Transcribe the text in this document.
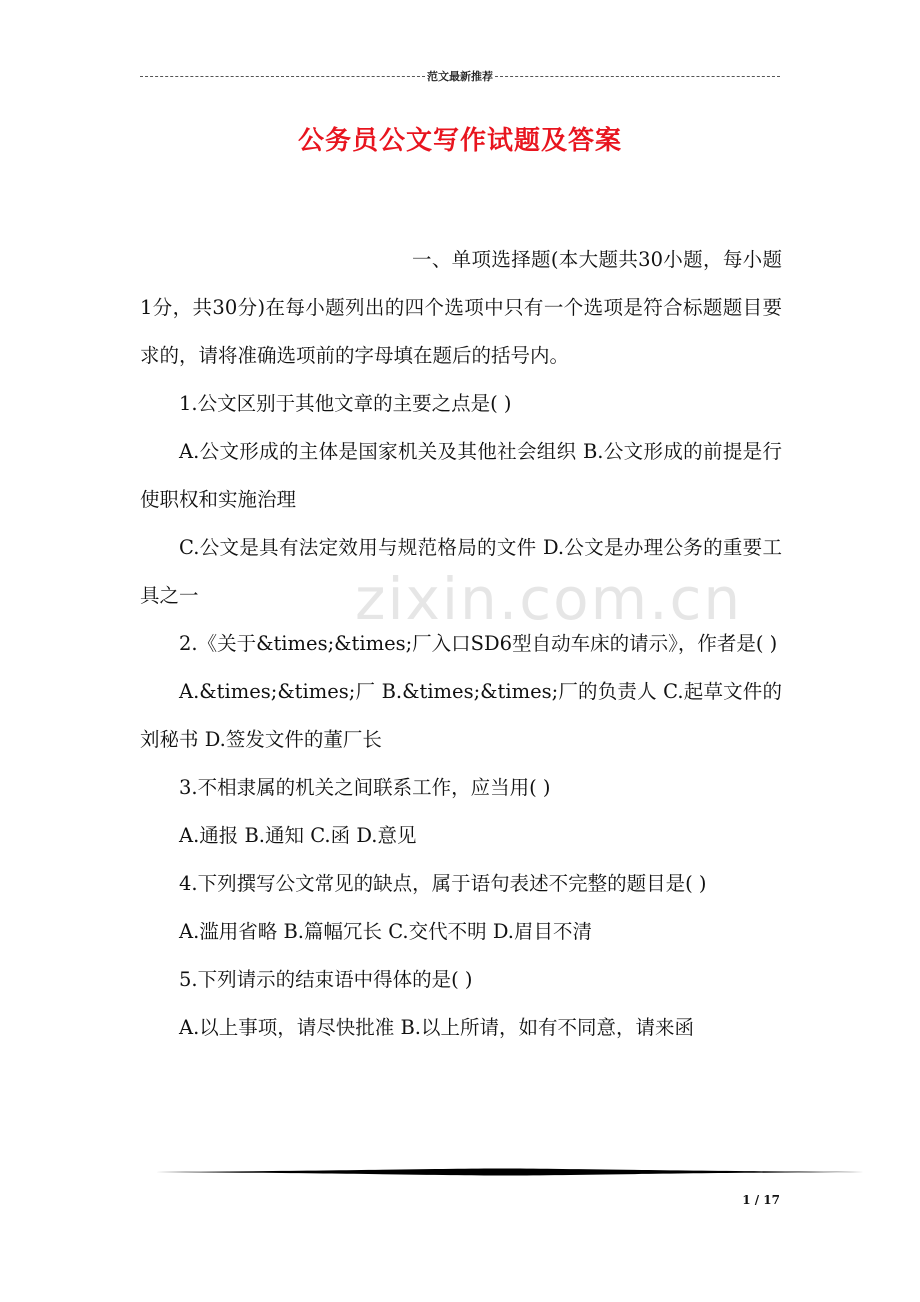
范文最新推荐
公务员公文写作试题及答案
zixin.com.cn

一、单项选择题(本大题共30小题，每小题1分，共30分)在每小题列出的四个选项中只有一个选项是符合标题题目要求的，请将准确选项前的字母填在题后的括号内。

1.公文区别于其他文章的主要之点是( )

A.公文形成的主体是国家机关及其他社会组织 B.公文形成的前提是行使职权和实施治理

C.公文是具有法定效用与规范格局的文件 D.公文是办理公务的重要工具之一

2.《关于&times;&times;厂入口SD6型自动车床的请示》，作者是( )

A.&times;&times;厂 B.&times;&times;厂的负责人 C.起草文件的刘秘书 D.签发文件的董厂长

3.不相隶属的机关之间联系工作，应当用( )

A.通报 B.通知 C.函 D.意见

4.下列撰写公文常见的缺点，属于语句表述不完整的题目是( )

A.滥用省略 B.篇幅冗长 C.交代不明 D.眉目不清

5.下列请示的结束语中得体的是( )

A.以上事项，请尽快批准 B.以上所请，如有不同意，请来函

1 / 17
